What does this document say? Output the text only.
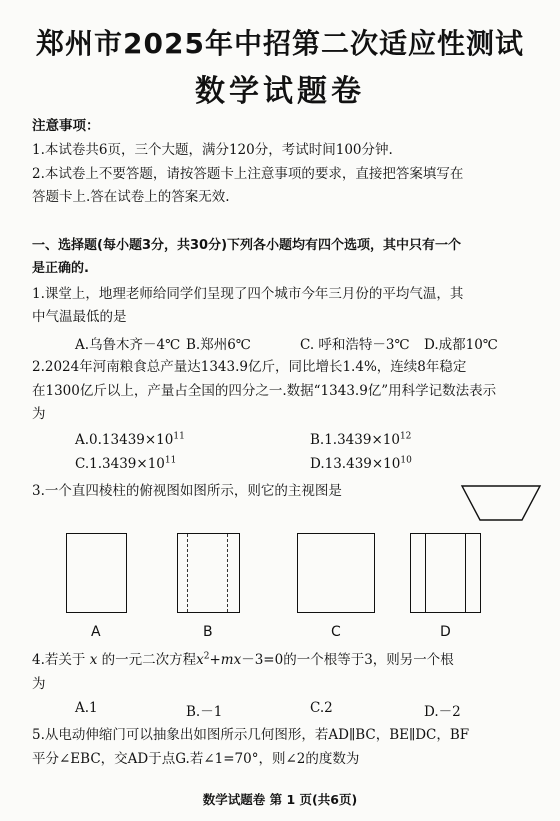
郑州市2025年中招第二次适应性测试
数学试题卷
注意事项：
1.本试卷共6页，三个大题，满分120分，考试时间100分钟.
2.本试卷上不要答题，请按答题卡上注意事项的要求，直接把答案填写在
答题卡上.答在试卷上的答案无效.
一、选择题(每小题3分，共30分)下列各小题均有四个选项，其中只有一个
是正确的.
1.课堂上，地理老师给同学们呈现了四个城市今年三月份的平均气温，其
中气温最低的是
A.乌鲁木齐－4℃ B.郑州6℃	C. 呼和浩特－3℃ D.成都10℃
2.2024年河南粮食总产量达1343.9亿斤，同比增长1.4%，连续8年稳定
在1300亿斤以上，产量占全国的四分之一.数据“1343.9亿”用科学记数法表示
为
$A.0.13439\times 10^{11}$	$B.1.3439\times 10^{12}$
$C.1.3439\times 10^{11}$	$D.13.439\times 10^{10}$
3.一个直四棱柱的俯视图如图所示，则它的主视图是
A	B	C	D
4.若关于 x 的一元二次方程$x^2+mx-3=0$的一个根等于3，则另一个根
为
A.1	B.－1	C.2	D.－2
5.从电动伸缩门可以抽象出如图所示几何图形，若AD∥BC，BE∥DC，BF
平分∠EBC，交AD于点G.若∠1=70°，则∠2的度数为
数学试题卷 第 1 页(共6页)
